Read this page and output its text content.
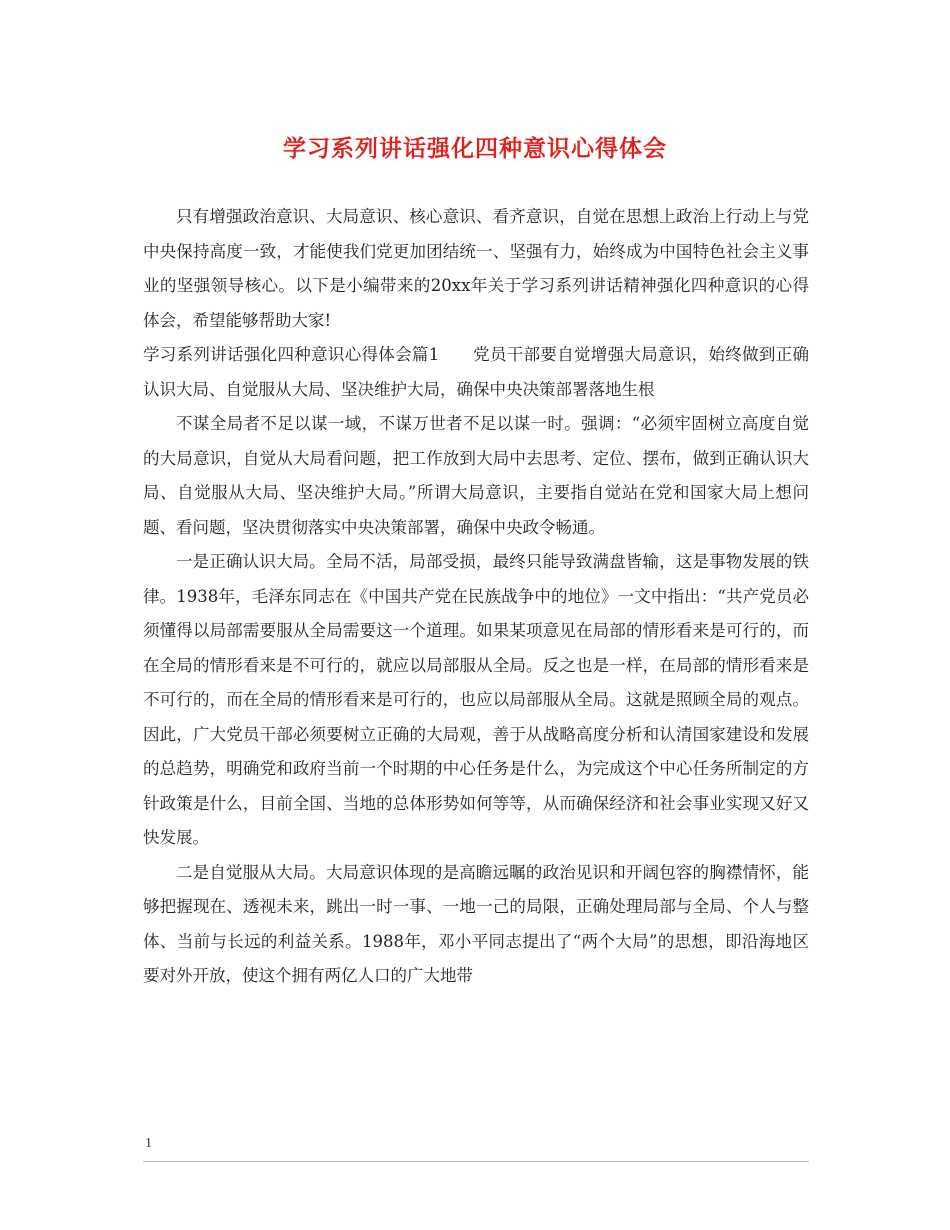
学习系列讲话强化四种意识心得体会

只有增强政治意识、大局意识、核心意识、看齐意识，自觉在思想上政治上行动上与党中央保持高度一致，才能使我们党更加团结统一、坚强有力，始终成为中国特色社会主义事业的坚强领导核心。以下是小编带来的20xx年关于学习系列讲话精神强化四种意识的心得体会，希望能够帮助大家!

学习系列讲话强化四种意识心得体会篇1　　党员干部要自觉增强大局意识，始终做到正确认识大局、自觉服从大局、坚决维护大局，确保中央决策部署落地生根

不谋全局者不足以谋一域，不谋万世者不足以谋一时。强调：“必须牢固树立高度自觉的大局意识，自觉从大局看问题，把工作放到大局中去思考、定位、摆布，做到正确认识大局、自觉服从大局、坚决维护大局。”所谓大局意识，主要指自觉站在党和国家大局上想问题、看问题，坚决贯彻落实中央决策部署，确保中央政令畅通。

一是正确认识大局。全局不活，局部受损，最终只能导致满盘皆输，这是事物发展的铁律。1938年，毛泽东同志在《中国共产党在民族战争中的地位》一文中指出：“共产党员必须懂得以局部需要服从全局需要这一个道理。如果某项意见在局部的情形看来是可行的，而在全局的情形看来是不可行的，就应以局部服从全局。反之也是一样，在局部的情形看来是不可行的，而在全局的情形看来是可行的，也应以局部服从全局。这就是照顾全局的观点。因此，广大党员干部必须要树立正确的大局观，善于从战略高度分析和认清国家建设和发展的总趋势，明确党和政府当前一个时期的中心任务是什么，为完成这个中心任务所制定的方针政策是什么，目前全国、当地的总体形势如何等等，从而确保经济和社会事业实现又好又快发展。

二是自觉服从大局。大局意识体现的是高瞻远瞩的政治见识和开阔包容的胸襟情怀，能够把握现在、透视未来，跳出一时一事、一地一己的局限，正确处理局部与全局、个人与整体、当前与长远的利益关系。1988年，邓小平同志提出了“两个大局”的思想，即沿海地区要对外开放，使这个拥有两亿人口的广大地带

1
